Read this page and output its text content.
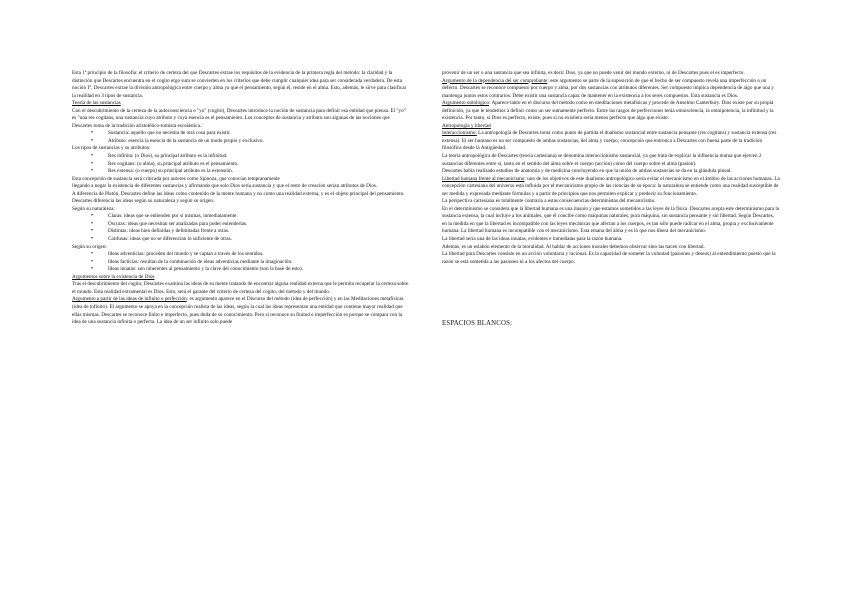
Esta 1ª principio de la filosofía: el criterio de certeza del que Descartes extrae los requisitos de la evidencia de la primera regla del método: la claridad y la distinción que Descartes encuentra en el cogito ergo sum se convierten en los criterios que debe cumplir cualquier idea para ser considerada verdadera. De esta noción I°, Descartes extrae la división antropológica entre cuerpo y alma ya que el pensamiento, según él, reside en el alma. Esto, además, le sirve para clasificar la realidad en 3 tipos de sustancia.

Teoría de las sustancias

Con el descubrimiento de la certeza de la autoconsciencia o "yo" (cogito), Descartes introduce la noción de sustancia para definir esa entidad que piensa. El "yo" es "una res cogitans, una sustancia cuyo atributo y cuya esencia es el pensamiento. Los conceptos de sustancia y atributo son algunas de las nociones que Descartes toma de la tradición aristotélico-tomista escolástica.:

• Sustancia: aquello que no necesita de otra cosa para existir.
• Atributo: esencia la esencia de la sustancia de un modo propio y exclusivo.

Los tipos de sustancias y su atributos:

• Res infinita: (o Dios), su principal atributo es la infinitud.
• Res cogitans: (o alma), su principal atributo es el pensamiento.
• Res extensa: (o cuerpo) su principal atributo es la extensión.

Esta concepción de sustancia será criticada por autores como Spinoza, que conocían tempranamente

llegando a negar la existencia de diferentes sustancias y afirmando que solo Dios sería sustancia y que el resto de creación serían atributos de Dios.

A diferencia de Platón, Descartes define las ideas como contenido de la mente humana y no como una realidad externa, y es el objeto principal del pensamiento. Descartes diferencia las ideas según su naturaleza y según su origen.

Según su naturaleza:

• Claras: ideas que se entienden por sí mismas, inmediatamente.
• Oscuras: ideas que necesitan ser analizadas para poder entenderlas.
• Distintas: ideas bien definidas y delimitadas frente a otras.
• Confusas: ideas que no se diferencian lo suficiente de otras.

Según su origen:

• Ideas adventicias: proceden del mundo y se captan a través de los sentidos.
• Ideas facticias: resultan de la combinación de ideas adventicias mediante la imaginación.
• Ideas innatas: son inherentes al pensamiento y la clave del conocimiento (son la base de esto).
Argumentos sobre la existencia de Dios

Tras el descubrimiento del cogito, Descartes examina las ideas de su mente tratando de encontrar alguna realidad externa que le permita recuperar la certeza sobre el mundo. Esta realidad extramental es Dios. Esto, será el garante del criterio de certeza del cogito, del método y del mundo.

Argumento a partir de las ideas de infinito o perfección: es argumento aparece en el Discurso del método (idea de perfección) y en las Meditaciones metafísicas (idea de infinito). El argumento se apoya en la concepción realista de las ideas, según la cual las ideas representan una entidad que contiene mayor realidad que ellas mismas. Descartes se reconoce finito e imperfecto, pues duda de su conocimiento. Pero si reconoce su finitud e imperfección es porque se compara con la idea de una sustancia infinita o perfecta. La idea de un ser infinito solo puede

provenir de un ser o una sustancia que sea infinita, es decir Dios, ya que no puede venir del mundo externo, ni de Descartes pues el es imperfecto.

Argumento de la dependencia del ser comprobante: este argumento se parte de la suposición de que el hecho de ser compuesto revela una imperfección o un defecto. Descartes se reconoce compuesto por cuerpo y alma, por dos sustancias con atributos diferentes. Ser compuesto implica dependencia de algo que una y mantenga juntos estos contrarios. Debe existir una sustancia capaz de mantener en la existencia a los seres compuestos. Esta sustancia es Dios.

Argumento ontológico: Aparece tanto en el discurso del método como en meditaciones metafísicas y procede de Anselmo Canterbury. Dios existe por su propia definición, ya que le tendemos a definir como un ser sumamente perfecto. Entre las rasgos de perfecciones tenía omnisciencia, la omnipotencia, la infinitud y la existencia. Por tanto, si Dios es perfecto, existe, pues si no existiera sería menos perfecto que algo que existe.

Antropología y libertad

Interaccionismo: La antropología de Descartes toma como punto de partida el dualismo sustancial entre sustancia pensante (res cogitans) y sustancia extensa (res extensa). El ser humano es un ser compuesto de ambas sustancias, del alma y cuerpo, concepción que entronca a Descartes con buena parte de la tradición filosófica desde la Antigüedad.

La teoría antropológica de Descartes (teoría cartesiana) se denomina interaccionismo sustancial, ya que trata de explicar la influencia mutua que ejercen 2 sustancias diferentes entre sí, tanto en el sentido del alma sobre el cuerpo (acción) como del cuerpo sobre el alma (pasión).

Descartes había realizado estudios de anatomía y de medicina concluyendo en que la unión de ambas sustancias se da en la glándula pineal.

Libertad humana frente al mecanicismo: uno de los objetivos de este dualismo antropológico sería evitar el mecanicismo en el ámbito de las acciones humanas. La concepción cartesiana del universo está influida por el mecanicismo propio de las ciencias de su época: la naturaleza se entiende como una realidad susceptible de ser medida y expresada mediante fórmulas y a partir de principios que nos permiten explicar y predecir su funcionamiento.

La perspectiva cartesiana es totalmente contraria a estas consecuencias deterministas del mecanicismo.

En el determinismo se considera que la libertad humana es una ilusión y que estamos sometidos a las leyes de la física. Descartes acepta este determinismo para la sustancia extensa, la cual incluye a los animales, que él concibe como máquinas naturales, pura máquina, sin sustancia pensante y sin libertad. Según Descartes, en la medida en que la libertad es incompatible con las leyes mecánicas que afectan a los cuerpos, es tan sólo puede radicar en el alma, propia y exclusivamente humana. La libertad humana es incompatible con el mecanicismo. Esta emana del alma y es lo que nos libera del mecanicismo.

La libertad sería una de las ideas innatas, evidentes e inmediatas para la razón humana.

Además, es un eslabón elemento de la moralidad. Al hablar de acciones morales debemos observar sino las hacen con libertad.

La libertad para Descartes consiste en un acción voluntaria y racional. Es la capacidad de someter la voluntad (pasiones y deseos) al entendimiento puesto que la razón se está sometida a las pasiones ni a los afectos del cuerpo.

ESPACIOS BLANCOS:
